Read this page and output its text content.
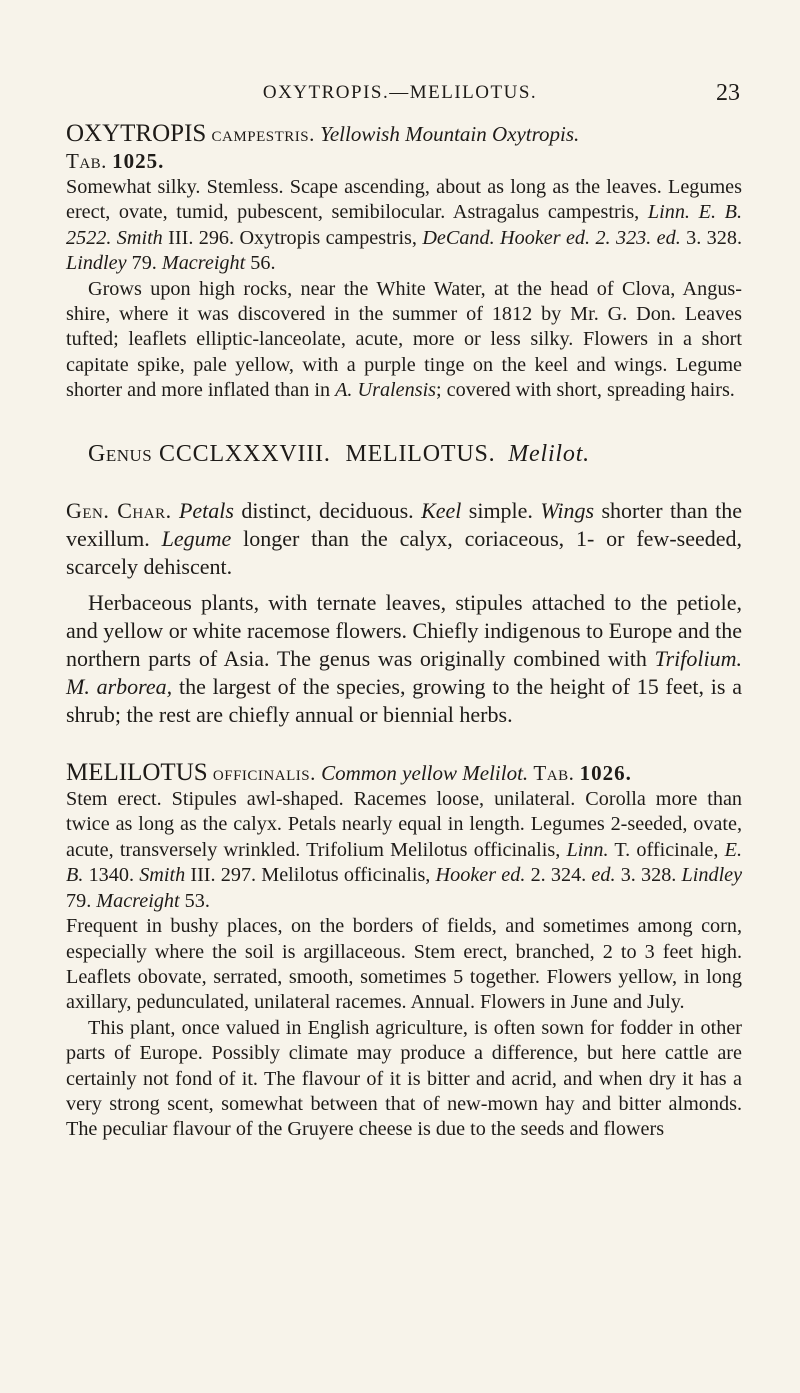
OXYTROPIS.—MELILOTUS.	23

OXYTROPIS campestris. Yellowish Mountain Oxytropis.
Tab. 1025.

Somewhat silky. Stemless. Scape ascending, about as long as the leaves. Legumes erect, ovate, tumid, pubescent, semibilocular. Astragalus campestris, Linn. E. B. 2522. Smith III. 296. Oxytropis campestris, DeCand. Hooker ed. 2. 323. ed. 3. 328. Lindley 79. Macreight 56.

Grows upon high rocks, near the White Water, at the head of Clova, Angus-shire, where it was discovered in the summer of 1812 by Mr. G. Don. Leaves tufted; leaflets elliptic-lanceolate, acute, more or less silky. Flowers in a short capitate spike, pale yellow, with a purple tinge on the keel and wings. Legume shorter and more inflated than in A. Uralensis; covered with short, spreading hairs.

Genus CCCLXXXVIII. MELILOTUS. Melilot.

Gen. Char. Petals distinct, deciduous. Keel simple. Wings shorter than the vexillum. Legume longer than the calyx, coriaceous, 1- or few-seeded, scarcely dehiscent.

Herbaceous plants, with ternate leaves, stipules attached to the petiole, and yellow or white racemose flowers. Chiefly indigenous to Europe and the northern parts of Asia. The genus was originally combined with Trifolium. M. arborea, the largest of the species, growing to the height of 15 feet, is a shrub; the rest are chiefly annual or biennial herbs.

MELILOTUS officinalis. Common yellow Melilot. Tab. 1026.

Stem erect. Stipules awl-shaped. Racemes loose, unilateral. Corolla more than twice as long as the calyx. Petals nearly equal in length. Legumes 2-seeded, ovate, acute, transversely wrinkled. Trifolium Melilotus officinalis, Linn. T. officinale, E. B. 1340. Smith III. 297. Melilotus officinalis, Hooker ed. 2. 324. ed. 3. 328. Lindley 79. Macreight 53.

Frequent in bushy places, on the borders of fields, and sometimes among corn, especially where the soil is argillaceous. Stem erect, branched, 2 to 3 feet high. Leaflets obovate, serrated, smooth, sometimes 5 together. Flowers yellow, in long axillary, pedunculated, unilateral racemes. Annual. Flowers in June and July.

This plant, once valued in English agriculture, is often sown for fodder in other parts of Europe. Possibly climate may produce a difference, but here cattle are certainly not fond of it. The flavour of it is bitter and acrid, and when dry it has a very strong scent, somewhat between that of new-mown hay and bitter almonds. The peculiar flavour of the Gruyere cheese is due to the seeds and flowers
